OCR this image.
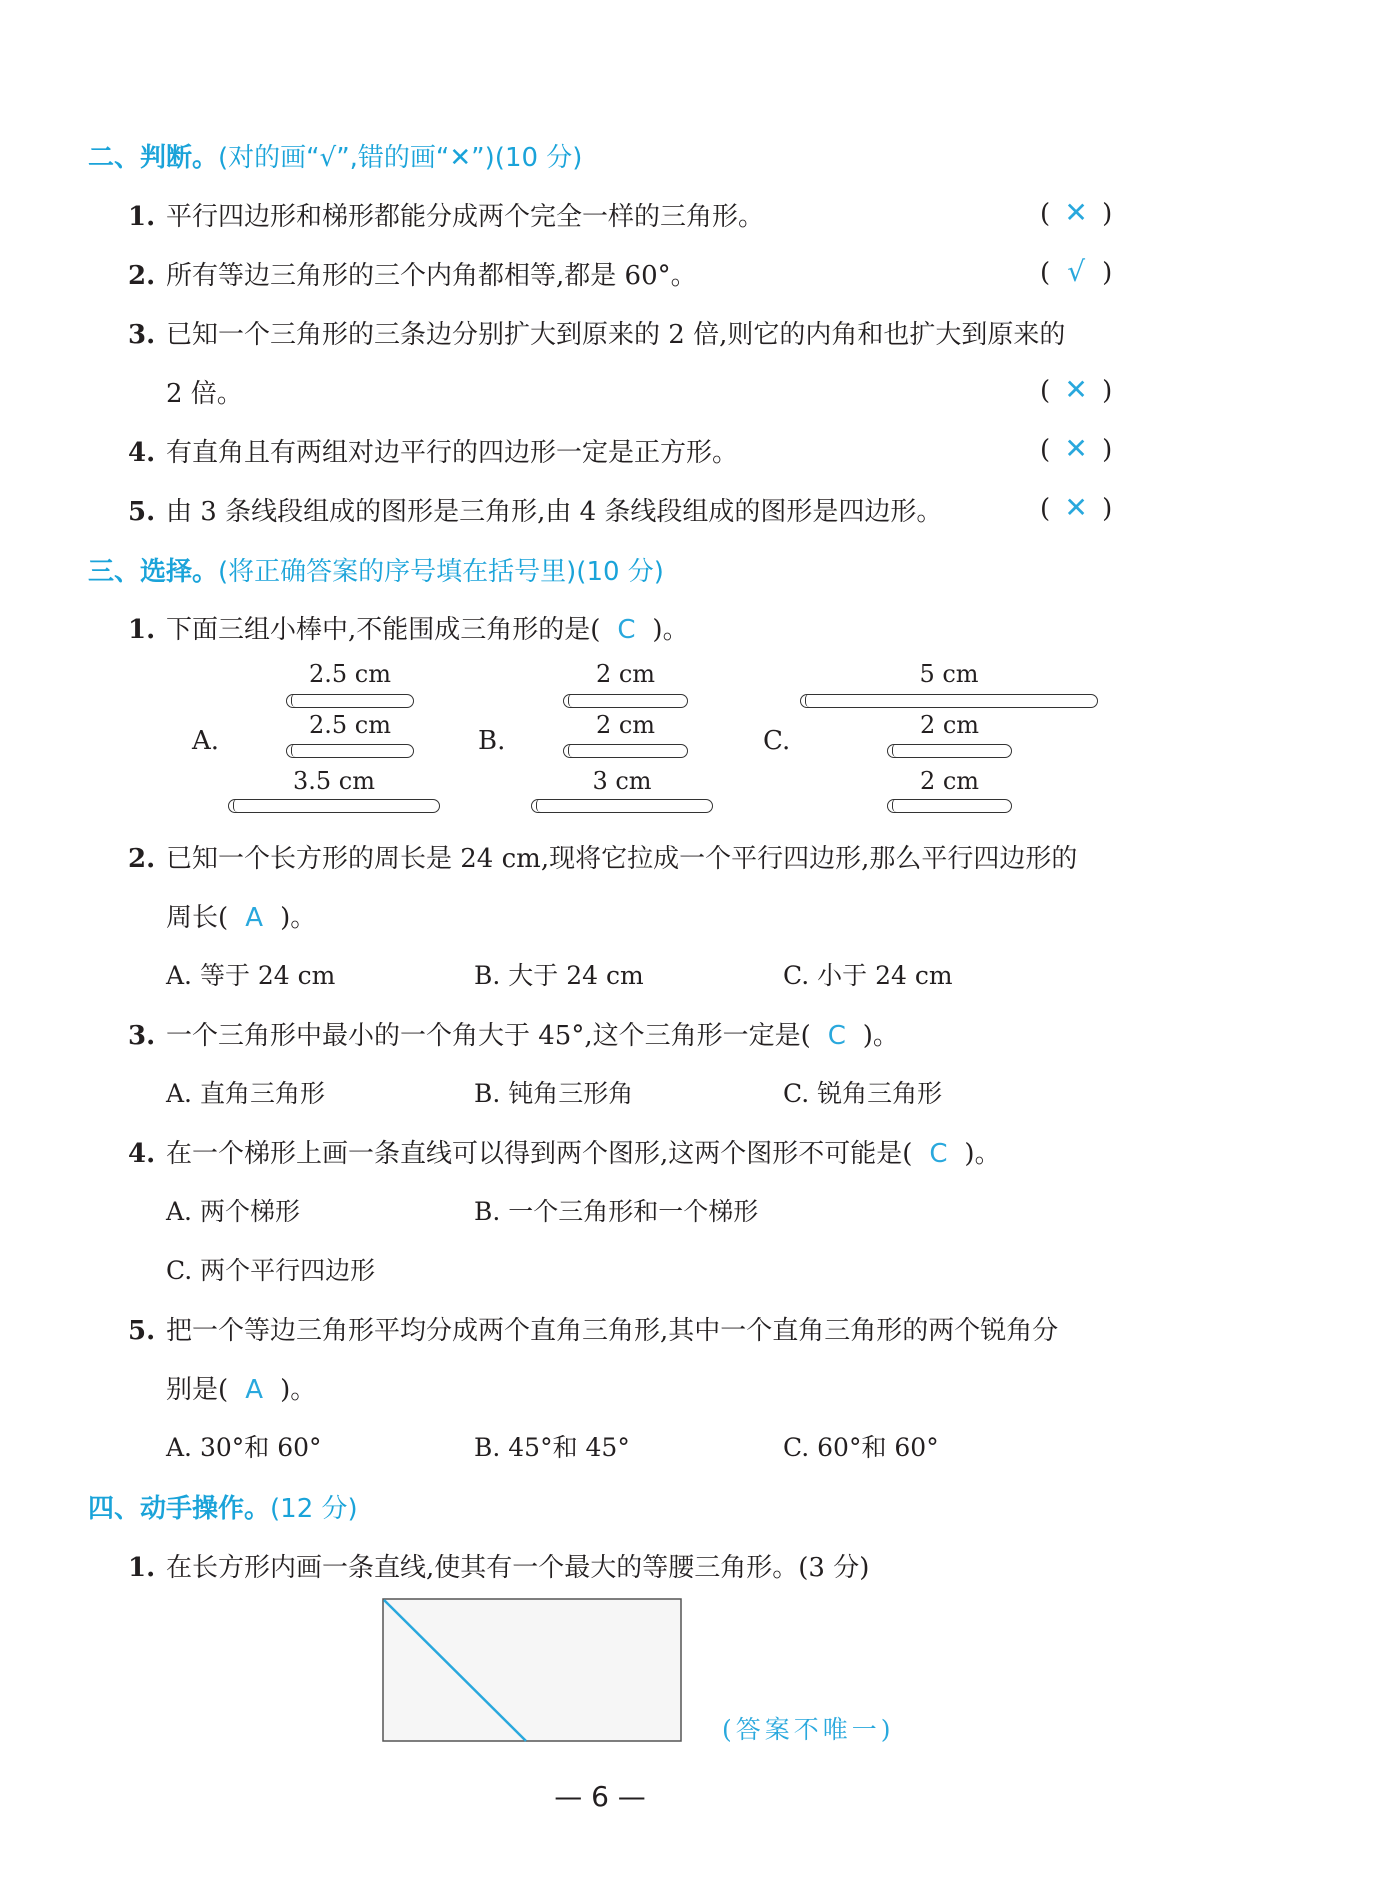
二、判断。(对的画“√”,错的画“✕”)(10 分)
1. 平行四边形和梯形都能分成两个完全一样的三角形。	( ✕ )
2. 所有等边三角形的三个内角都相等,都是 60°。	( √ )
3. 已知一个三角形的三条边分别扩大到原来的 2 倍,则它的内角和也扩大到原来的
2 倍。	( ✕ )
4. 有直角且有两组对边平行的四边形一定是正方形。	( ✕ )
5. 由 3 条线段组成的图形是三角形,由 4 条线段组成的图形是四边形。	( ✕ )
三、选择。(将正确答案的序号填在括号里)(10 分)
1. 下面三组小棒中,不能围成三角形的是( C )。
A.
2.5 cm
2.5 cm
3.5 cm
B.
2 cm
2 cm
3 cm
C.
5 cm
2 cm
2 cm
2. 已知一个长方形的周长是 24 cm,现将它拉成一个平行四边形,那么平行四边形的
周长( A )。
A. 等于 24 cm	B. 大于 24 cm	C. 小于 24 cm
3. 一个三角形中最小的一个角大于 45°,这个三角形一定是( C )。
A. 直角三角形	B. 钝角三形角	C. 锐角三角形
4. 在一个梯形上画一条直线可以得到两个图形,这两个图形不可能是( C )。
A. 两个梯形	B. 一个三角形和一个梯形
C. 两个平行四边形
5. 把一个等边三角形平均分成两个直角三角形,其中一个直角三角形的两个锐角分
别是( A )。
A. 30°和 60°	B. 45°和 45°	C. 60°和 60°
四、动手操作。(12 分)
1. 在长方形内画一条直线,使其有一个最大的等腰三角形。(3 分)
(答案不唯一)
— 6 —
